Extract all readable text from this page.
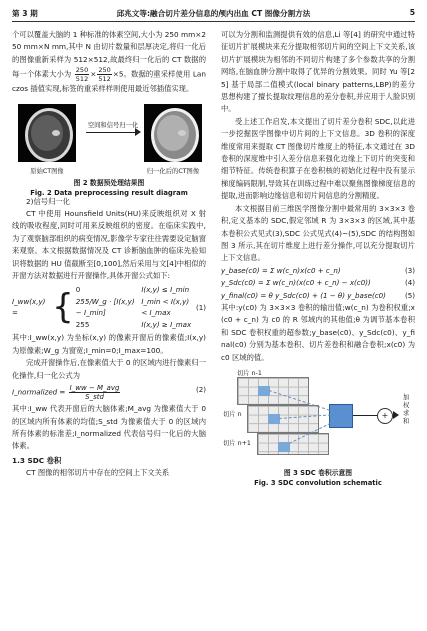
第 3 期	邱兆文等:融合切片差分信息的颅内出血 CT 图像分割方法	5

个可以覆盖大脑的 1 种标准的体素空间,大小为 250 mm×250 mm×N mm,其中 N 由切片数量和层厚决定,将归一化后的图像重新采样为 512×512,故最终归一化后的 CT 数据的每一个体素大小为 $\frac{250}{512} \times \frac{250}{512} \times 5$。数据的重采样使用 Lanczos 插值实现,标签的重采样样则使用最近邻插值实现。

空间和信号归一化
原始CT图像	归一化后的CT图像

图 2 数据预处理结果图
Fig. 2 Data preprocessing result diagram

2)信号归一化

CT 中使用 Hounsfield Units(HU)来反映组织对 X 射线的吸收程度,同时可用来反映组织的密度。在临床实践中,为了观察脑部组织的病变情况,影像学专家往往需要设定脑窗来观察。本文根据数据情况及 CT 诊断脑血肿的临床先验知识将数据的 HU 值截断至[0,100],然后采用与文[4]中相似的开窗方法对数据进行开窗操作,具体开窗公式如下:

I_ww(x,y) =	{	0	I(x,y) ≤ I_min	(1)
		255/W_g · [I(x,y) − I_min]	I_min < I(x,y) < I_max	
		255	I(x,y) ≥ I_max	

其中:I_ww(x,y) 为坐标(x,y) 的像素开窗后的像素值;I(x,y) 为原像素;W_g 为窗宽;I_min=0;I_max=100。

完成开窗操作后,在像素值大于 0 的区域内进行像素归一化操作,归一化公式为

I_normalized = $\frac{\text{I\_ww − M\_avg}}{\text{S\_std}}$	(2)

其中:I_ww 代表开窗后的大脑体素;M_avg 为像素值大于 0 的区域内所有体素的均值;S_std 为像素值大于 0 的区域内所有体素的标准差;I_normalized 代表信号归一化后的大脑体素。

1.3 SDC 卷积

CT 图像的相邻切片中存在的空间上下文关系

可以为分割和监测提供有效的信息,Li 等[4] 的研究中通过特征切片扩展模块来充分提取相邻切片间的空间上下文关系,该切片扩展模块为相邻的不同切片构建了多个参数共享的分割网络,在脑血肿分割中取得了优异的分割效果。同时 Yu 等[25] 基于局部二值模式(local binary patterns,LBP)的差分思想构建了擅长提取纹理信息的差分卷积,并应用于人脸识别中。

受上述工作启发,本文提出了切片差分卷积 SDC,以此进一步挖掘医学图像中切片间的上下文信息。3D 卷积的深度维度常用来提取 CT 图像切片维度上的特征,本文通过在 3D 卷积的深度维中引入差分信息来强化边缘上下切片的突变和细节特征。传统卷积算子在卷积核的初始化过程中没有显示梯度编码限制,导致其在训练过程中难以聚焦图像梯度信息的提取,进而影响边缘信息和切片间信息的分割精度。

本文根据目前三维医学图像分割中最常用的 3×3×3 卷积,定义基本的 SDC,假定邻域 R 为 3×3×3 的区域,其中基本卷积公式见式(3),SDC 公式见式(4)~(5),SDC 的结构图如图 3 所示,其在切片维度上进行差分操作,可以充分提取切片上下文信息。

y_base(c0) = Σ w(c_n)x(c0 + c_n)	(3)
y_Sdc(c0) = Σ w(c_n)(x(c0 + c_n) − x(c0))	(4)
y_final(c0) = θ y_Sdc(c0) + (1 − θ) y_base(c0)	(5)

其中:y(c0) 为 3×3×3 卷积的输出值;w(c_n) 为卷积权重;x(c0 + c_n) 为 c0 的 R 邻域内的其他值;θ 为调节基本卷积和 SDC 卷积权重的超参数;y_base(c0)、y_Sdc(c0)、y_final(c0) 分别为基本卷积、切片差卷积和融合卷积;x(c0) 为 c0 区域的值。

切片 n-1
切片 n
切片 n+1
+
加权求和

图 3 SDC 卷积示意图
Fig. 3 SDC convolution schematic
